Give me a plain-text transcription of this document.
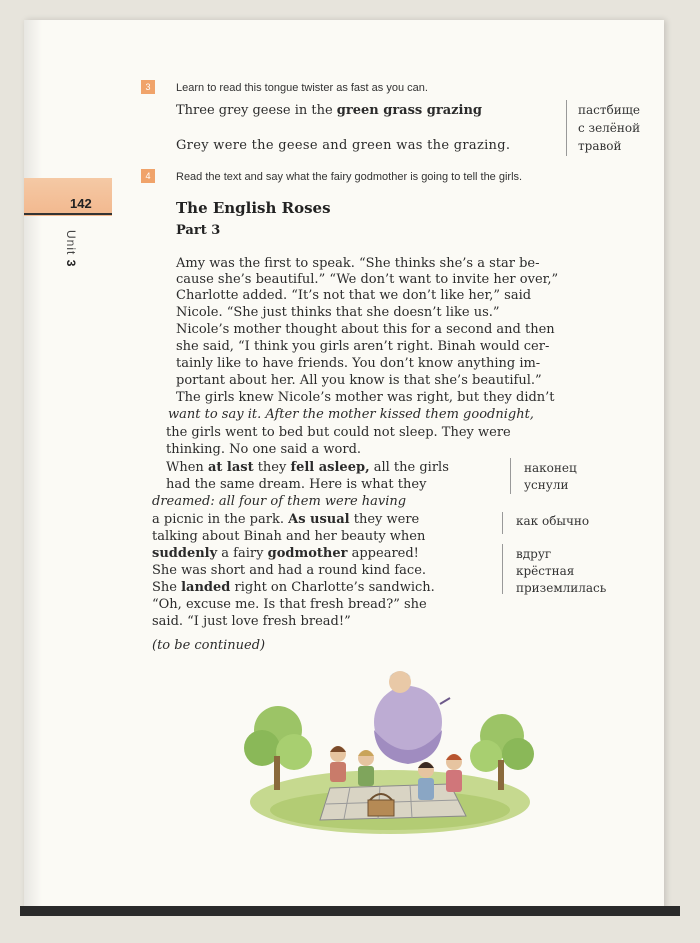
142
Unit 3
3	Learn to read this tongue twister as fast as you can.
Three grey geese in the green grass grazing
Grey were the geese and green was the grazing.
пастбище
с зелёной
травой
4	Read the text and say what the fairy godmother is going to tell the girls.
The English Roses
Part 3
Amy was the first to speak. “She thinks she’s a star be-
cause she’s beautiful.” “We don’t want to invite her over,”
Charlotte added. “It’s not that we don’t like her,” said
Nicole. “She just thinks that she doesn’t like us.”
Nicole’s mother thought about this for a second and then
she said, “I think you girls aren’t right. Binah would cer-
tainly like to have friends. You don’t know anything im-
portant about her. All you know is that she’s beautiful.”
The girls knew Nicole’s mother was right, but they didn’t
want to say it. After the mother kissed them goodnight,
the girls went to bed but could not sleep. They were
thinking. No one said a word.
When at last they fell asleep, all the girls
had the same dream. Here is what they
dreamed: all four of them were having
a picnic in the park. As usual they were
talking about Binah and her beauty when
suddenly a fairy godmother appeared!
She was short and had a round kind face.
She landed right on Charlotte’s sandwich.
“Oh, excuse me. Is that fresh bread?” she
said. “I just love fresh bread!”
(to be continued)
наконец
уснули
как обычно
вдруг
крёстная
приземлилась
